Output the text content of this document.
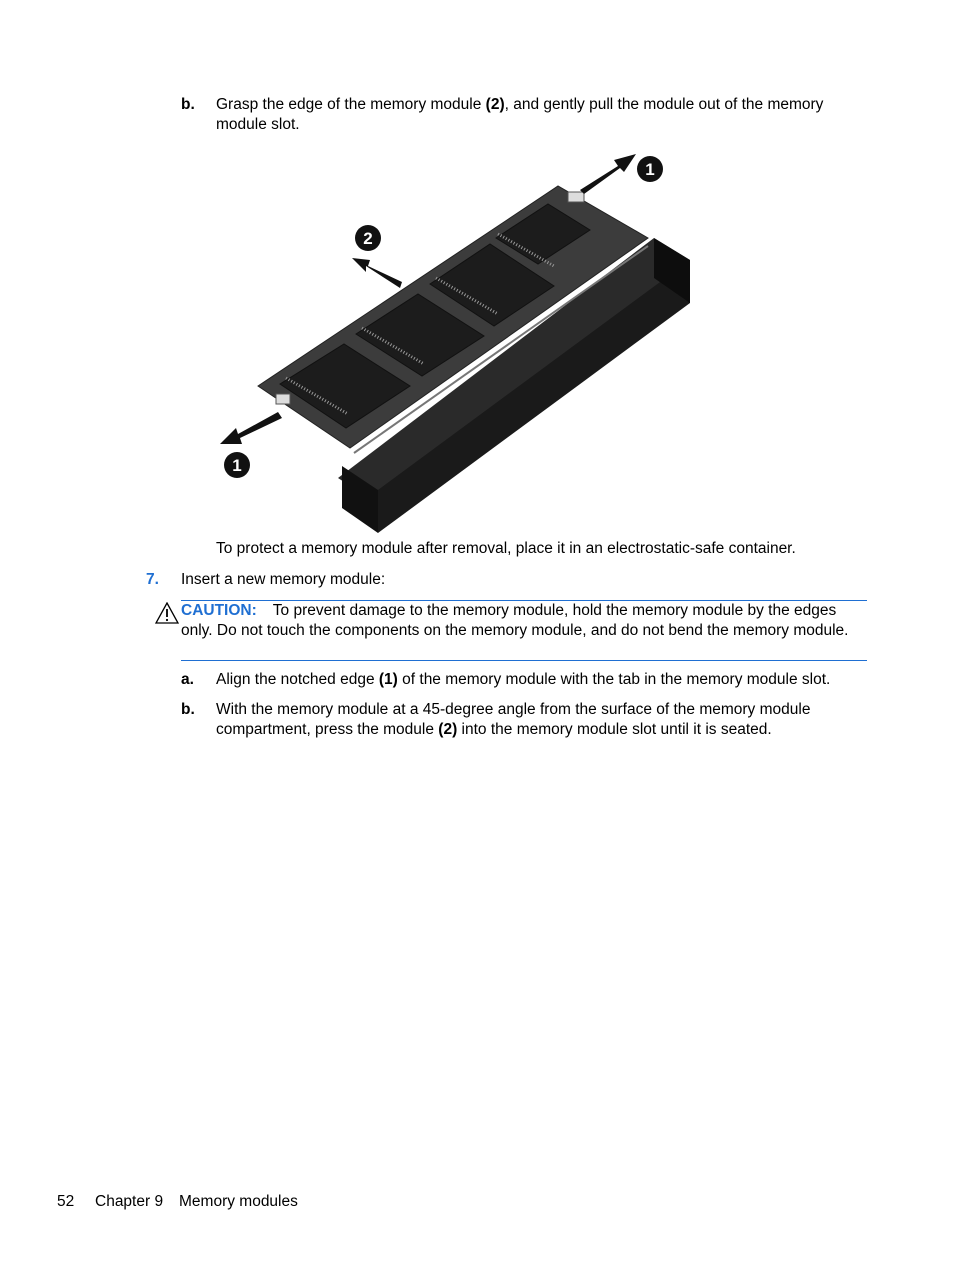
b. Grasp the edge of the memory module (2), and gently pull the module out of the memory module slot.
1
2
1
To protect a memory module after removal, place it in an electrostatic-safe container.
7. Insert a new memory module:
CAUTION: To prevent damage to the memory module, hold the memory module by the edges only. Do not touch the components on the memory module, and do not bend the memory module.
a. Align the notched edge (1) of the memory module with the tab in the memory module slot.
b. With the memory module at a 45-degree angle from the surface of the memory module compartment, press the module (2) into the memory module slot until it is seated.
52 Chapter 9 Memory modules
